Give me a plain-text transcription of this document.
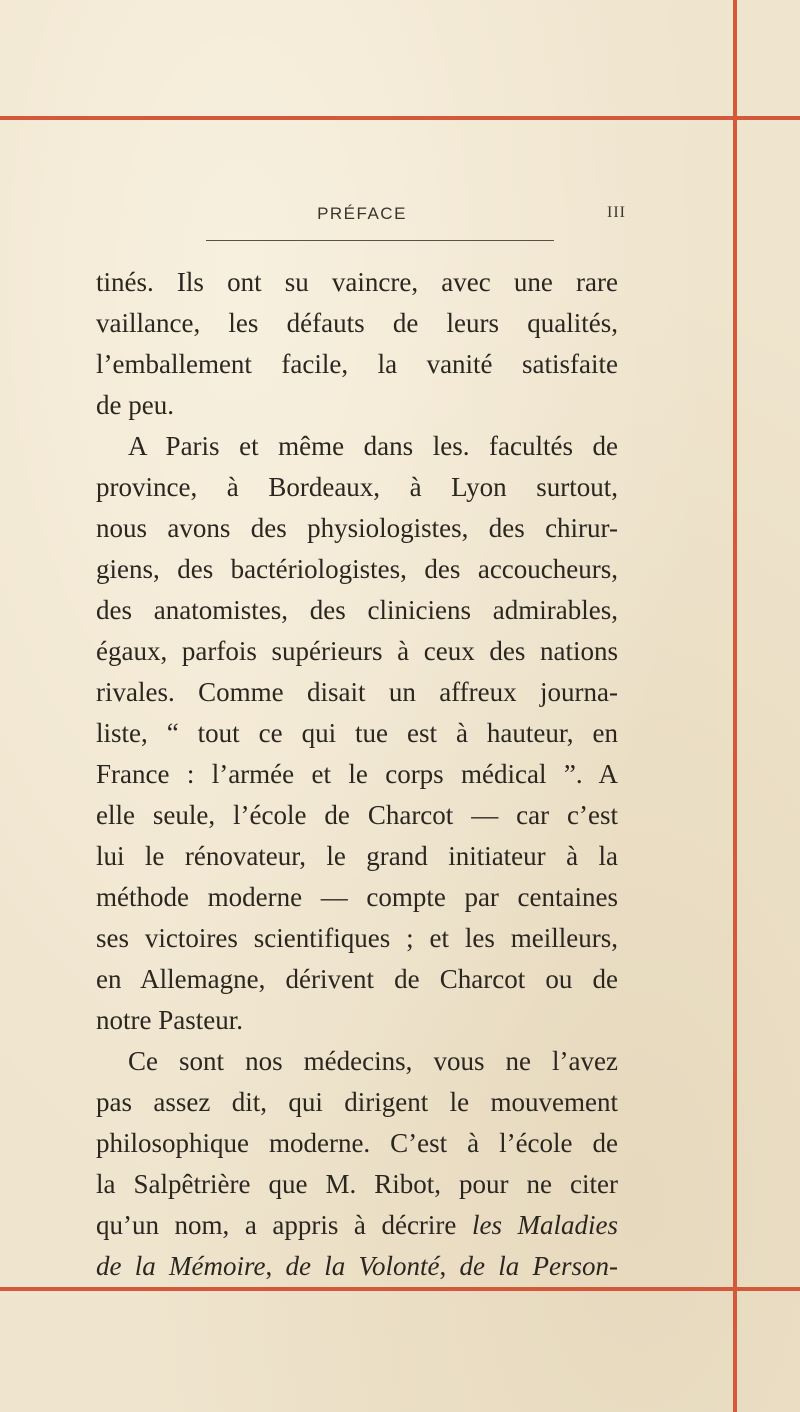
PRÉFACE	III
tinés. Ils ont su vaincre, avec une rare
vaillance, les défauts de leurs qualités,
l’emballement facile, la vanité satisfaite
de peu.
A Paris et même dans les. facultés de
province, à Bordeaux, à Lyon surtout,
nous avons des physiologistes, des chirur-
giens, des bactériologistes, des accoucheurs,
des anatomistes, des cliniciens admirables,
égaux, parfois supérieurs à ceux des nations
rivales. Comme disait un affreux journa-
liste, “ tout ce qui tue est à hauteur, en
France : l’armée et le corps médical ”. A
elle seule, l’école de Charcot — car c’est
lui le rénovateur, le grand initiateur à la
méthode moderne — compte par centaines
ses victoires scientifiques ; et les meilleurs,
en Allemagne, dérivent de Charcot ou de
notre Pasteur.
Ce sont nos médecins, vous ne l’avez
pas assez dit, qui dirigent le mouvement
philosophique moderne. C’est à l’école de
la Salpêtrière que M. Ribot, pour ne citer
qu’un nom, a appris à décrire les Maladies
de la Mémoire, de la Volonté, de la Person-
